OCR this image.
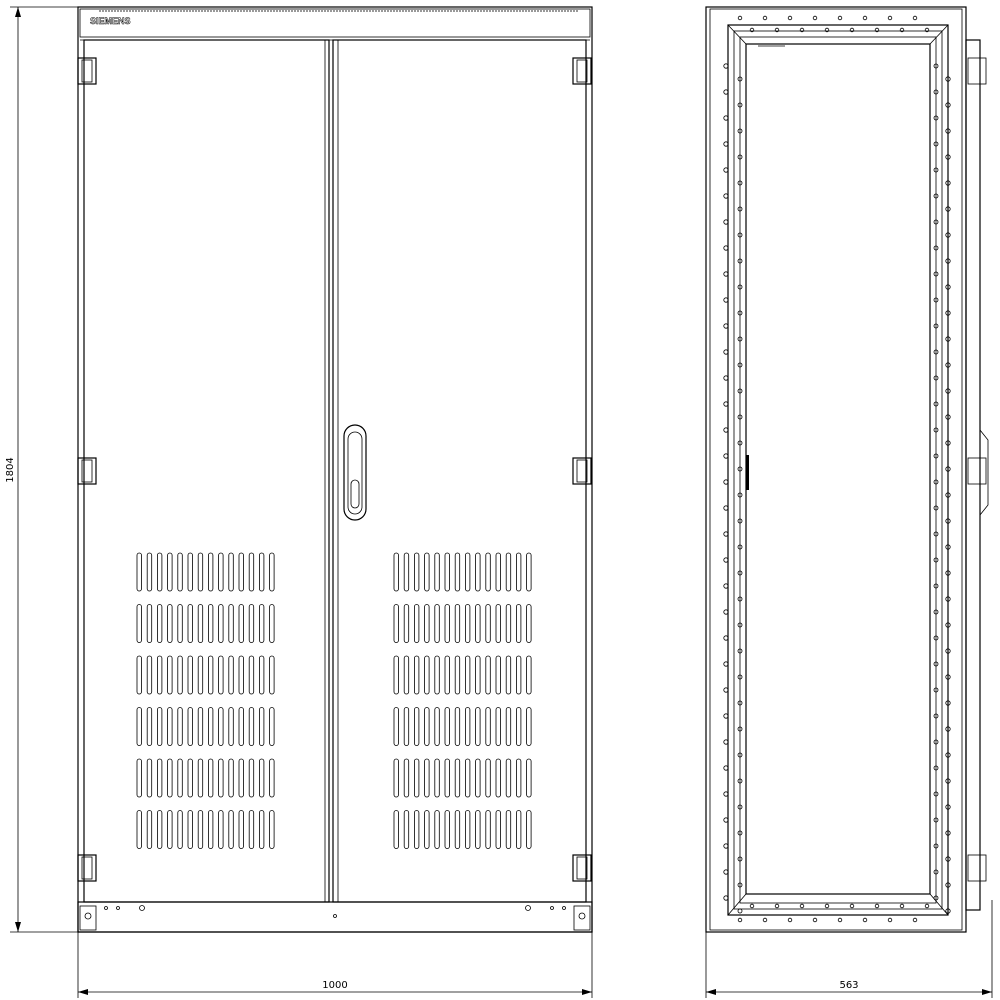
SIEMENS
1804
1000	563
